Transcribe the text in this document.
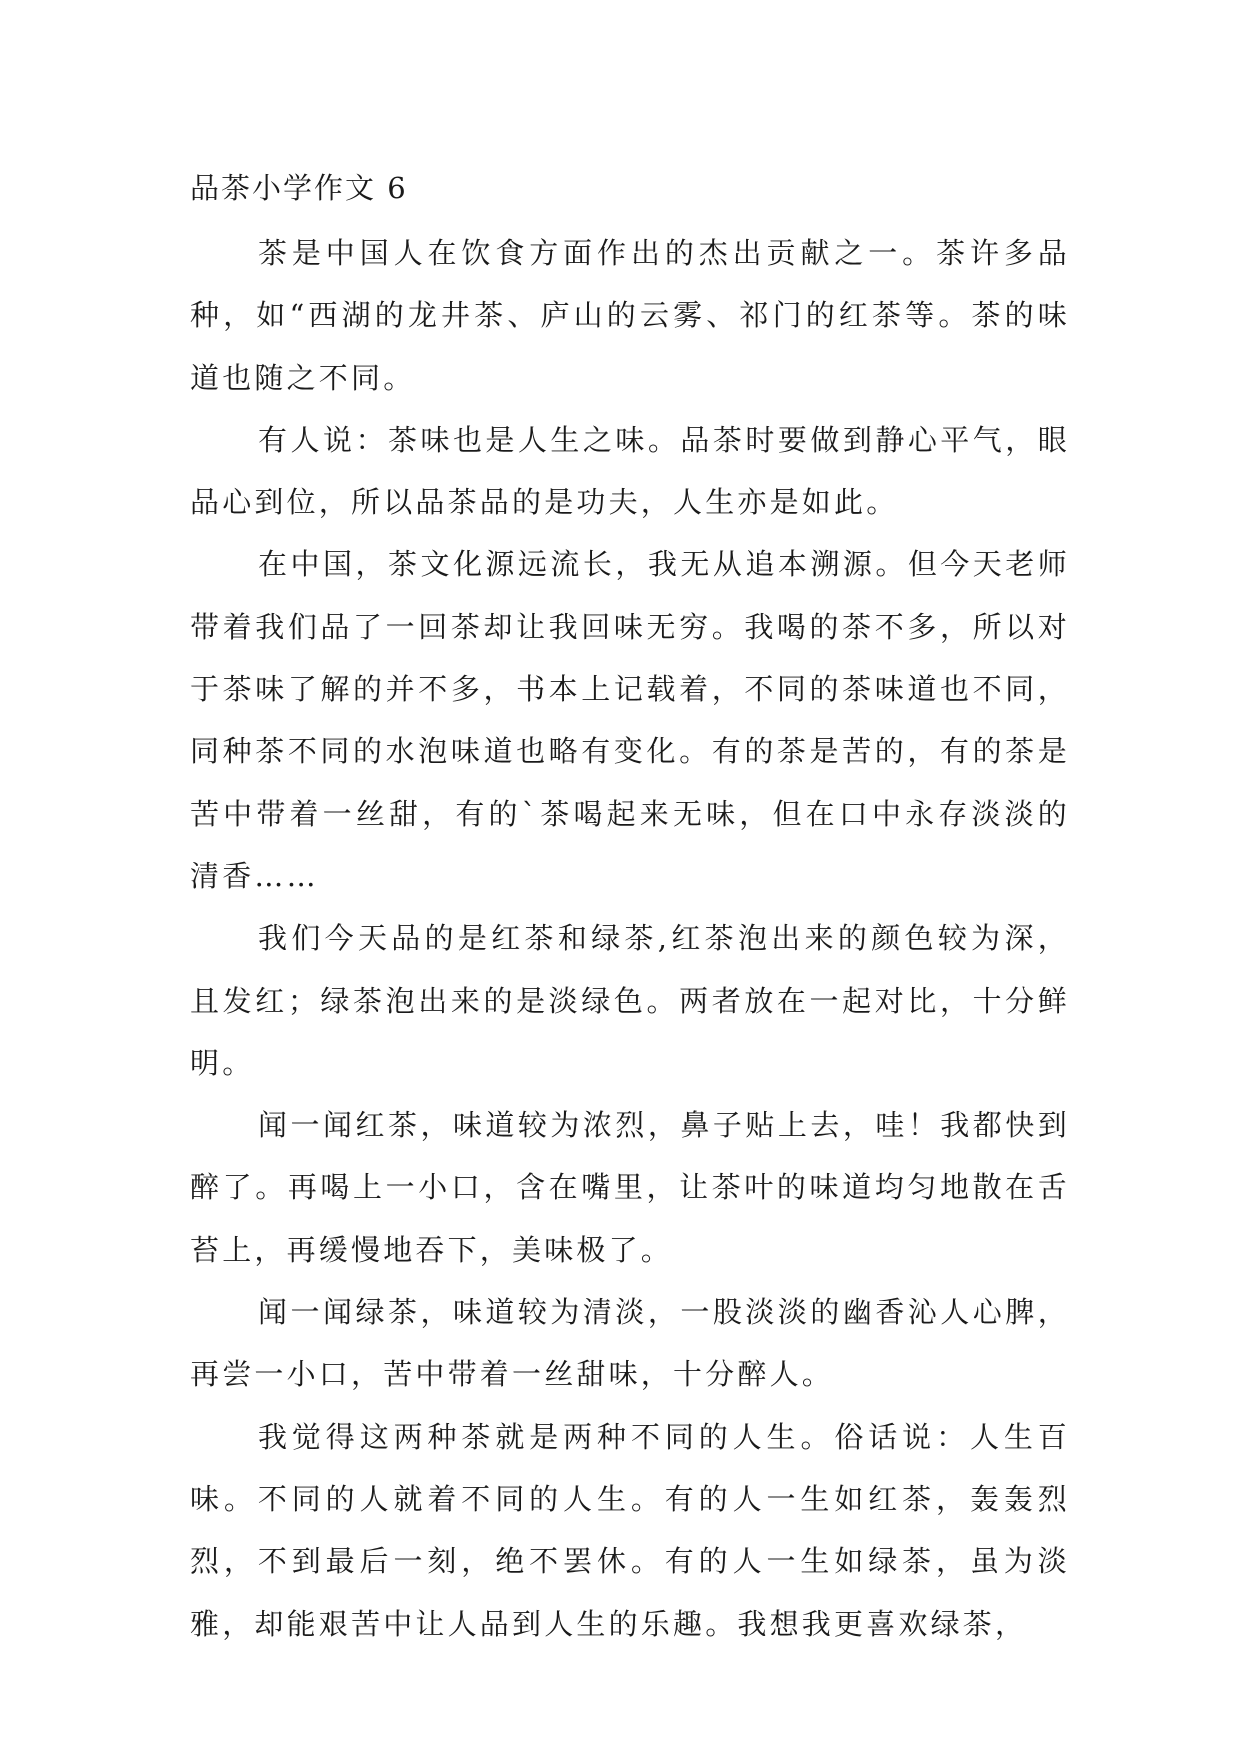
品茶小学作文 6

茶是中国人在饮食方面作出的杰出贡献之一。茶许多品种，如“西湖的龙井茶、庐山的云雾、祁门的红茶等。茶的味道也随之不同。

有人说：茶味也是人生之味。品茶时要做到静心平气，眼品心到位，所以品茶品的是功夫，人生亦是如此。

在中国，茶文化源远流长，我无从追本溯源。但今天老师带着我们品了一回茶却让我回味无穷。我喝的茶不多，所以对于茶味了解的并不多，书本上记载着，不同的茶味道也不同，同种茶不同的水泡味道也略有变化。有的茶是苦的，有的茶是苦中带着一丝甜，有的`茶喝起来无味，但在口中永存淡淡的清香……

我们今天品的是红茶和绿茶,红茶泡出来的颜色较为深，且发红；绿茶泡出来的是淡绿色。两者放在一起对比，十分鲜明。

闻一闻红茶，味道较为浓烈，鼻子贴上去，哇！我都快到醉了。再喝上一小口，含在嘴里，让茶叶的味道均匀地散在舌苔上，再缓慢地吞下，美味极了。

闻一闻绿茶，味道较为清淡，一股淡淡的幽香沁人心脾，再尝一小口，苦中带着一丝甜味，十分醉人。

我觉得这两种茶就是两种不同的人生。俗话说：人生百味。不同的人就着不同的人生。有的人一生如红茶，轰轰烈烈，不到最后一刻，绝不罢休。有的人一生如绿茶，虽为淡雅，却能艰苦中让人品到人生的乐趣。我想我更喜欢绿茶，
